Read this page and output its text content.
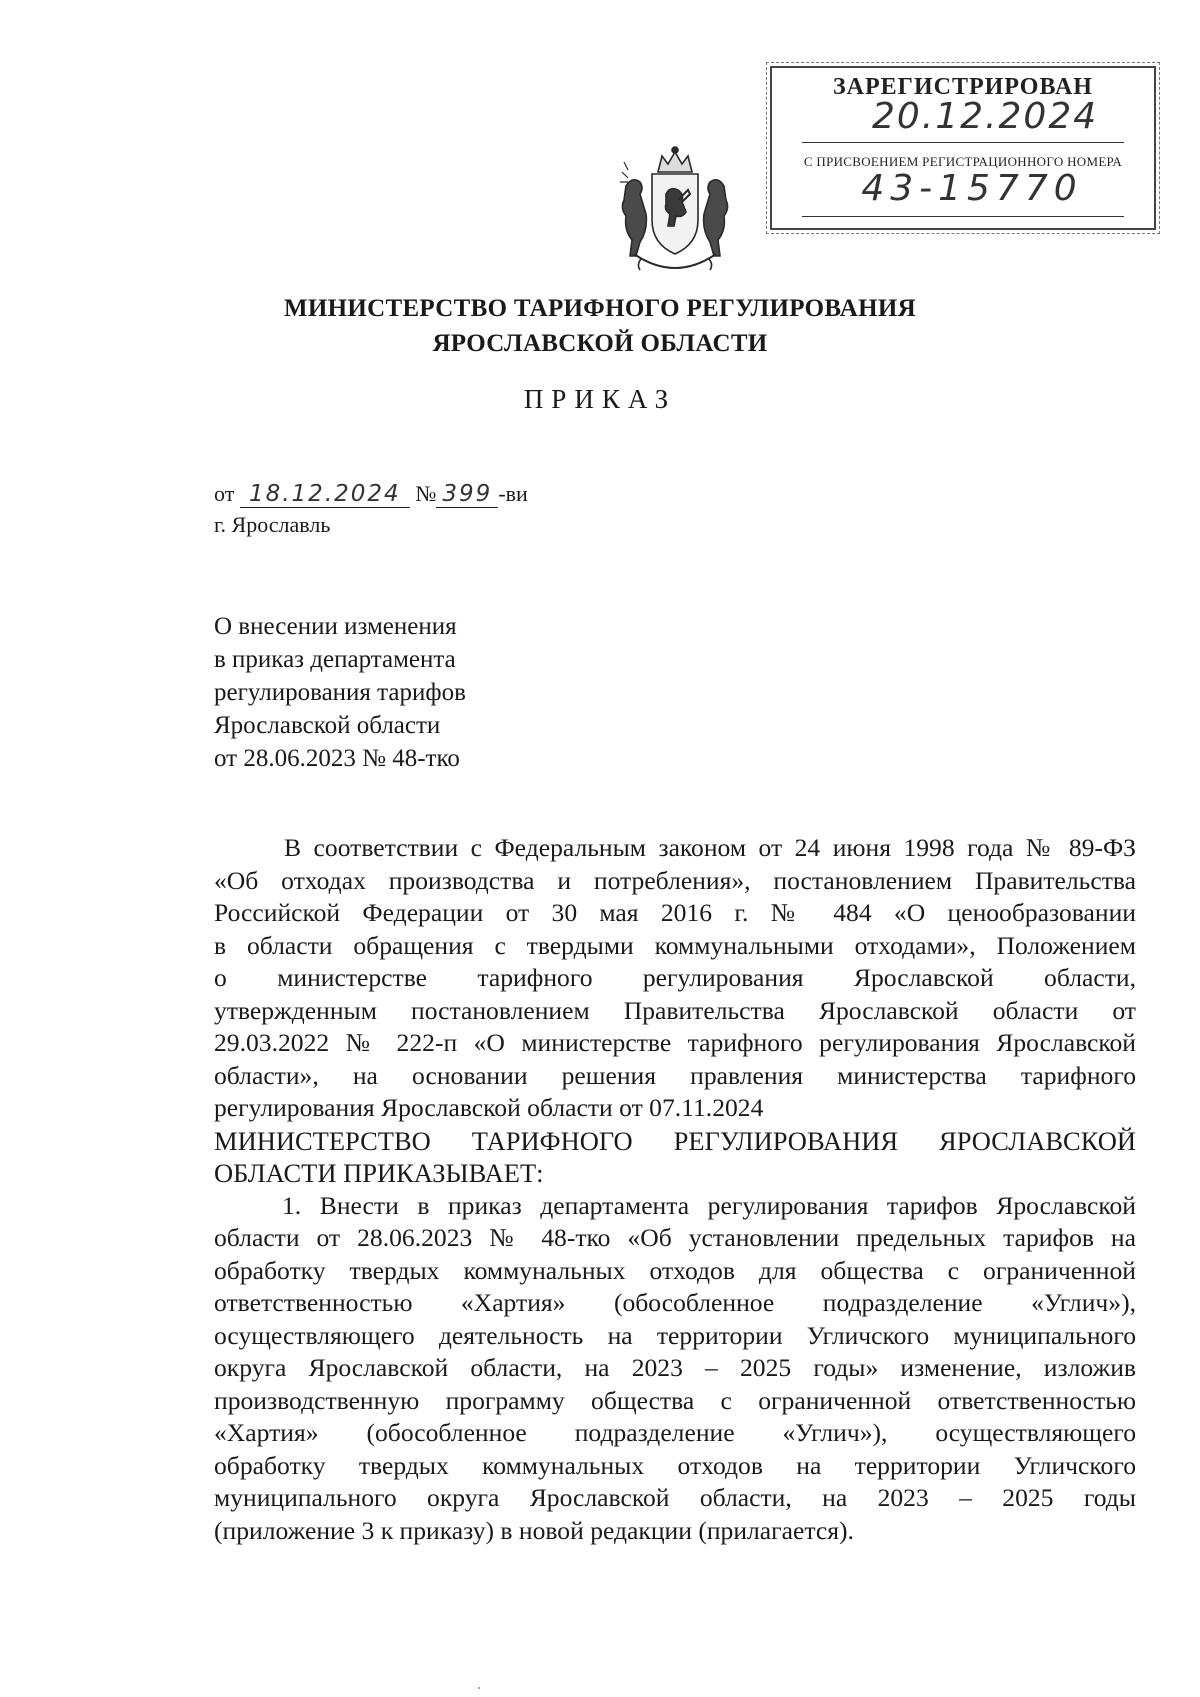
ЗАРЕГИСТРИРОВАН
20.12.2024
С ПРИСВОЕНИЕМ РЕГИСТРАЦИОННОГО НОМЕРА
43-15770
МИНИСТЕРСТВО ТАРИФНОГО РЕГУЛИРОВАНИЯ
ЯРОСЛАВСКОЙ ОБЛАСТИ
ПРИКАЗ
от 18.12.2024 № 399 -ви
г. Ярославль
О внесении изменения
в приказ департамента
регулирования тарифов
Ярославской области
от 28.06.2023 № 48-тко
В соответствии с Федеральным законом от 24 июня 1998 года № 89-ФЗ
«Об отходах производства и потребления», постановлением Правительства
Российской Федерации от 30 мая 2016 г. № 484 «О ценообразовании
в области обращения с твердыми коммунальными отходами», Положением
о министерстве тарифного регулирования Ярославской области,
утвержденным постановлением Правительства Ярославской области от
29.03.2022 № 222-п «О министерстве тарифного регулирования Ярославской
области», на основании решения правления министерства тарифного
регулирования Ярославской области от 07.11.2024
МИНИСТЕРСТВО ТАРИФНОГО РЕГУЛИРОВАНИЯ ЯРОСЛАВСКОЙ
ОБЛАСТИ ПРИКАЗЫВАЕТ:
1. Внести в приказ департамента регулирования тарифов Ярославской
области от 28.06.2023 № 48-тко «Об установлении предельных тарифов на
обработку твердых коммунальных отходов для общества с ограниченной
ответственностью «Хартия» (обособленное подразделение «Углич»),
осуществляющего деятельность на территории Угличского муниципального
округа Ярославской области, на 2023 – 2025 годы» изменение, изложив
производственную программу общества с ограниченной ответственностью
«Хартия» (обособленное подразделение «Углич»), осуществляющего
обработку твердых коммунальных отходов на территории Угличского
муниципального округа Ярославской области, на 2023 – 2025 годы
(приложение 3 к приказу) в новой редакции (прилагается).
